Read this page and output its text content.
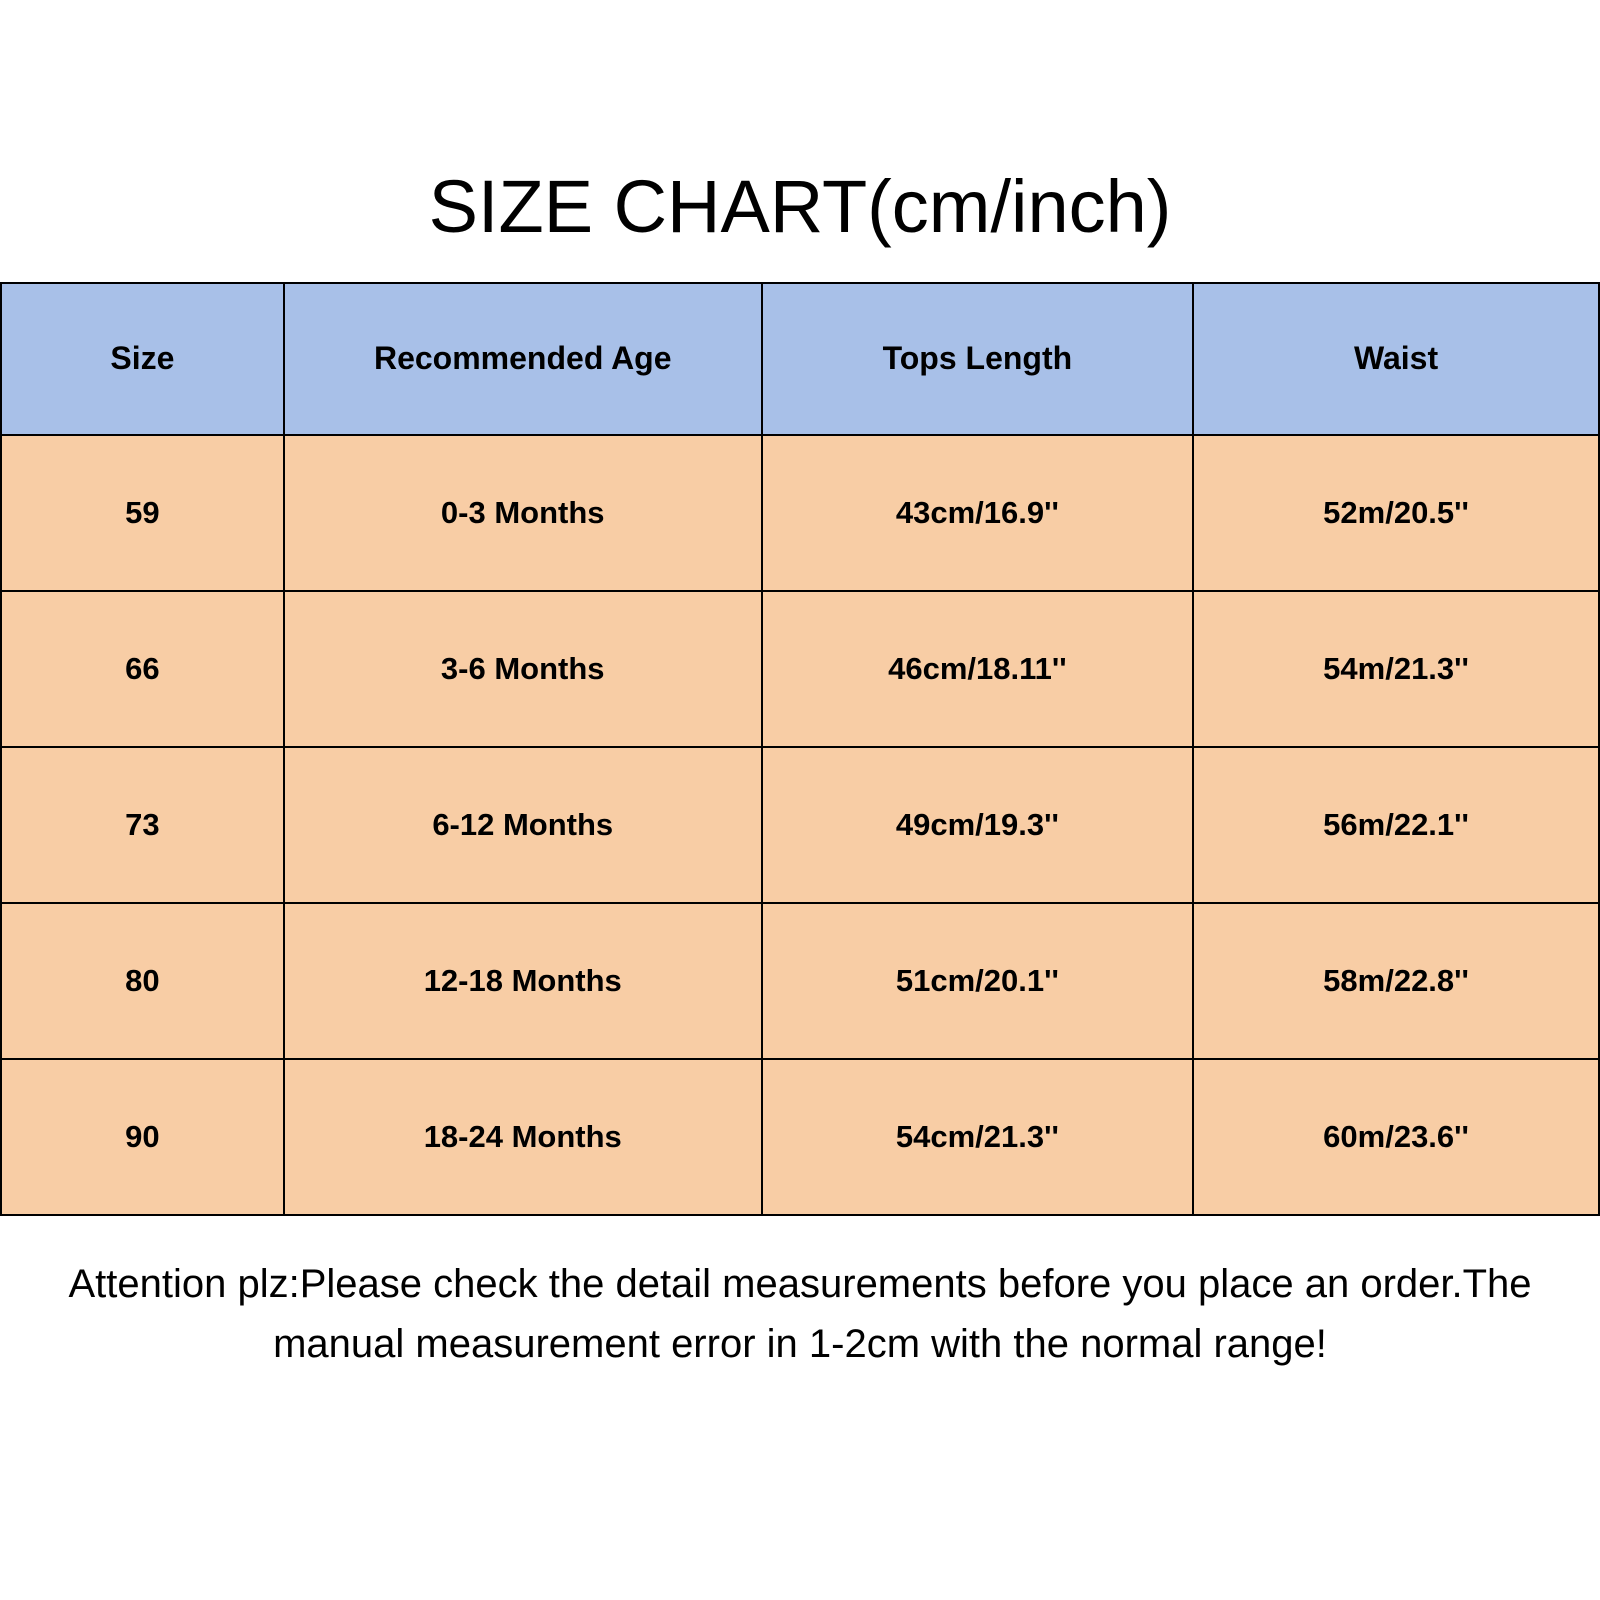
SIZE CHART(cm/inch)
Size	Recommended Age	Tops Length	Waist
59	0-3 Months	43cm/16.9''	52m/20.5''
66	3-6 Months	46cm/18.11''	54m/21.3''
73	6-12 Months	49cm/19.3''	56m/22.1''
80	12-18 Months	51cm/20.1''	58m/22.8''
90	18-24 Months	54cm/21.3''	60m/23.6''
Attention plz:Please check the detail measurements before you place an order.The
manual measurement error in 1-2cm with the normal range!
